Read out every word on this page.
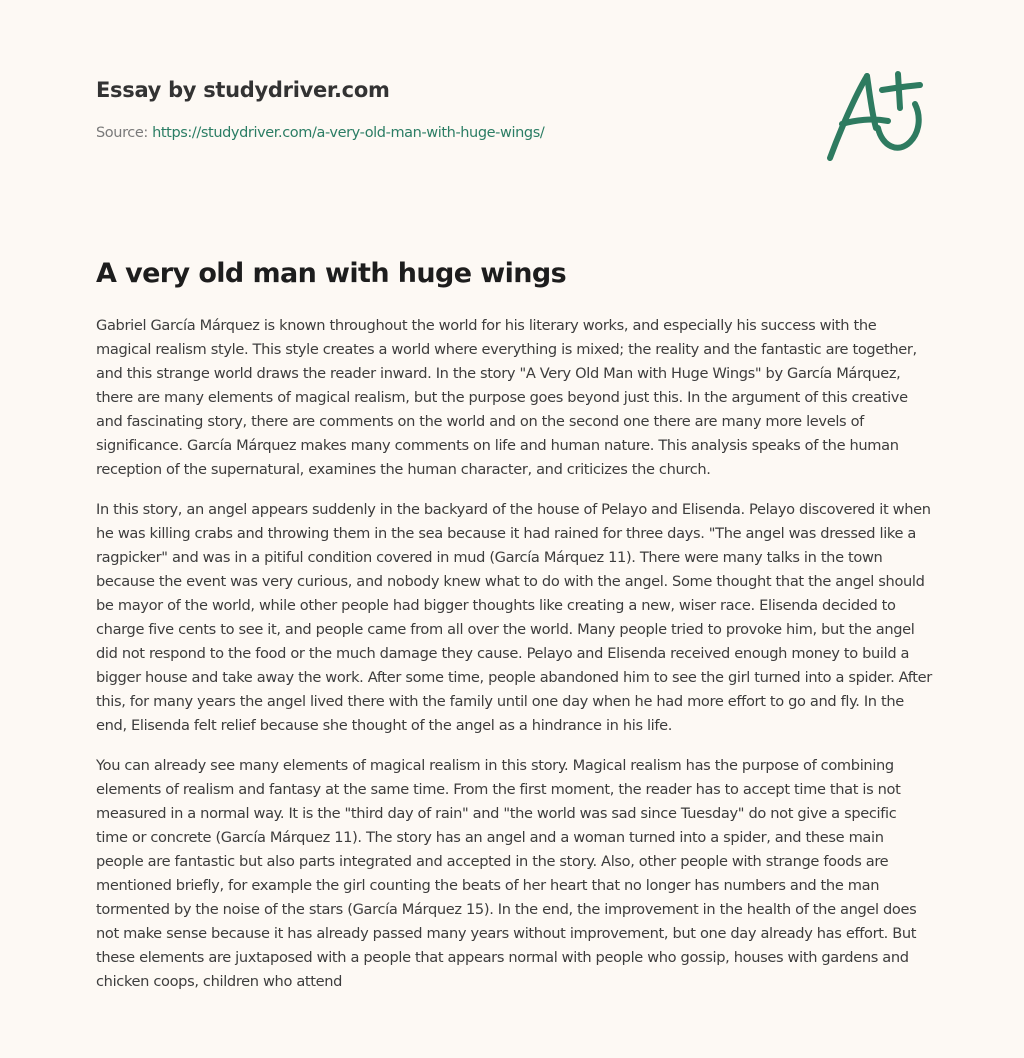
Essay by studydriver.com
Source: https://studydriver.com/a-very-old-man-with-huge-wings/
A very old man with huge wings

Gabriel García Márquez is known throughout the world for his literary works, and especially his success with the magical realism style. This style creates a world where everything is mixed; the reality and the fantastic are together, and this strange world draws the reader inward. In the story "A Very Old Man with Huge Wings" by García Márquez, there are many elements of magical realism, but the purpose goes beyond just this. In the argument of this creative and fascinating story, there are comments on the world and on the second one there are many more levels of significance. García Márquez makes many comments on life and human nature. This analysis speaks of the human reception of the supernatural, examines the human character, and criticizes the church.

In this story, an angel appears suddenly in the backyard of the house of Pelayo and Elisenda. Pelayo discovered it when he was killing crabs and throwing them in the sea because it had rained for three days. "The angel was dressed like a ragpicker" and was in a pitiful condition covered in mud (García Márquez 11). There were many talks in the town because the event was very curious, and nobody knew what to do with the angel. Some thought that the angel should be mayor of the world, while other people had bigger thoughts like creating a new, wiser race. Elisenda decided to charge five cents to see it, and people came from all over the world. Many people tried to provoke him, but the angel did not respond to the food or the much damage they cause. Pelayo and Elisenda received enough money to build a bigger house and take away the work. After some time, people abandoned him to see the girl turned into a spider. After this, for many years the angel lived there with the family until one day when he had more effort to go and fly. In the end, Elisenda felt relief because she thought of the angel as a hindrance in his life.

You can already see many elements of magical realism in this story. Magical realism has the purpose of combining elements of realism and fantasy at the same time. From the first moment, the reader has to accept time that is not measured in a normal way. It is the "third day of rain" and "the world was sad since Tuesday" do not give a specific time or concrete (García Márquez 11). The story has an angel and a woman turned into a spider, and these main people are fantastic but also parts integrated and accepted in the story. Also, other people with strange foods are mentioned briefly, for example the girl counting the beats of her heart that no longer has numbers and the man tormented by the noise of the stars (García Márquez 15). In the end, the improvement in the health of the angel does not make sense because it has already passed many years without improvement, but one day already has effort. But these elements are juxtaposed with a people that appears normal with people who gossip, houses with gardens and chicken coops, children who attend
